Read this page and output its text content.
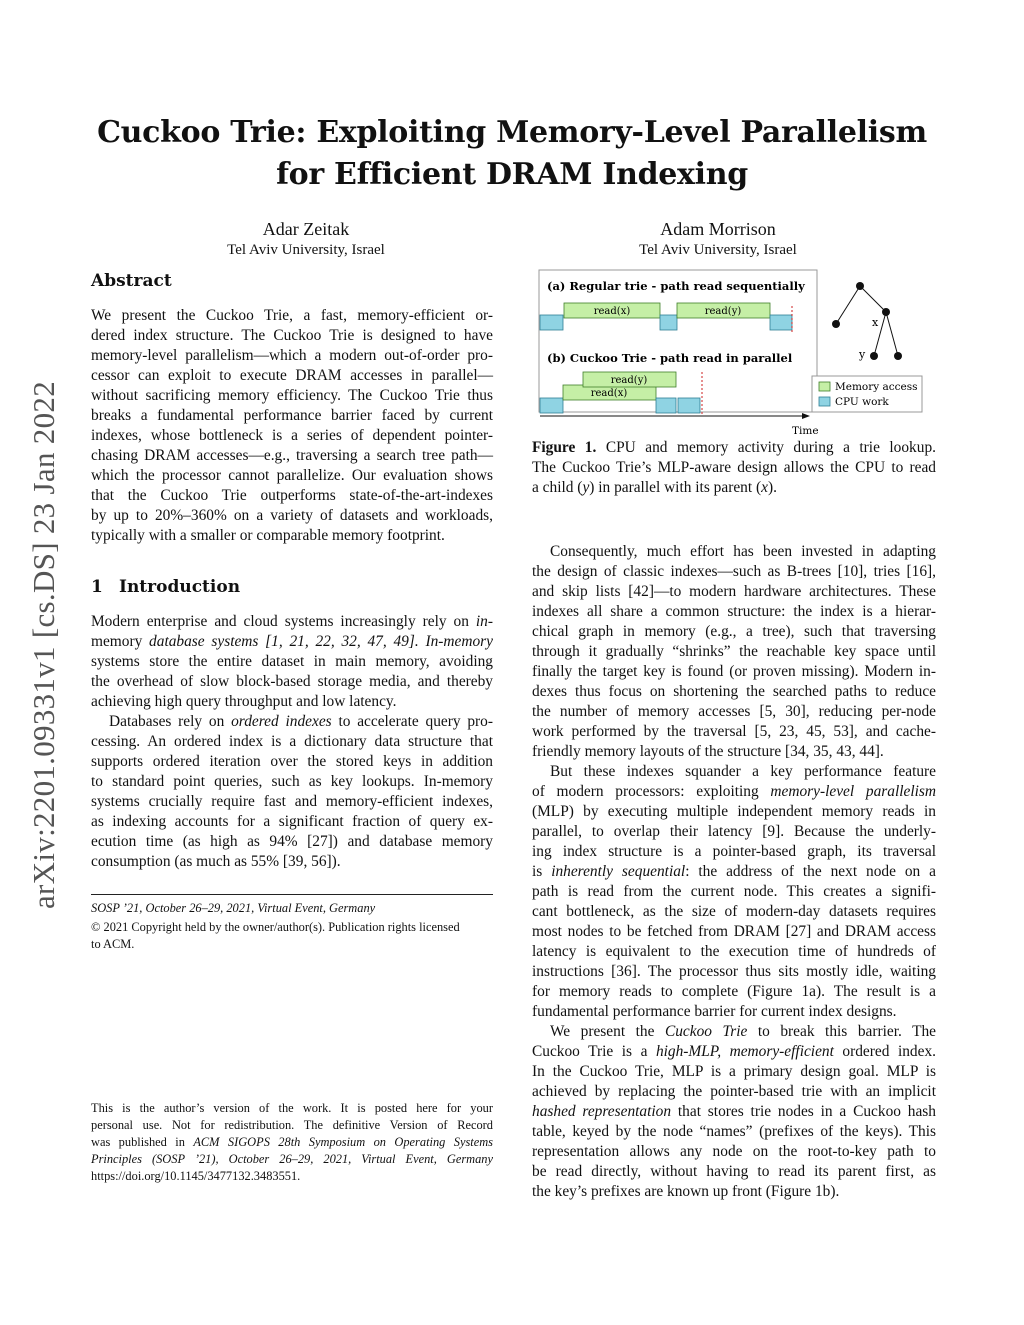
Cuckoo Trie: Exploiting Memory-Level Parallelism
for Efficient DRAM Indexing
Adar Zeitak
Tel Aviv University, Israel
Adam Morrison
Tel Aviv University, Israel
arXiv:2201.09331v1 [cs.DS] 23 Jan 2022
Abstract
We present the Cuckoo Trie, a fast, memory-efficient or-
dered index structure. The Cuckoo Trie is designed to have
memory-level parallelism—which a modern out-of-order pro-
cessor can exploit to execute DRAM accesses in parallel—
without sacrificing memory efficiency. The Cuckoo Trie thus
breaks a fundamental performance barrier faced by current
indexes, whose bottleneck is a series of dependent pointer-
chasing DRAM accesses—e.g., traversing a search tree path—
which the processor cannot parallelize. Our evaluation shows
that the Cuckoo Trie outperforms state-of-the-art-indexes
by up to 20%–360% on a variety of datasets and workloads,
typically with a smaller or comparable memory footprint.
1 Introduction
Modern enterprise and cloud systems increasingly rely on in-
memory database systems [1, 21, 22, 32, 47, 49]. In-memory
systems store the entire dataset in main memory, avoiding
the overhead of slow block-based storage media, and thereby
achieving high query throughput and low latency.
Databases rely on ordered indexes to accelerate query pro-
cessing. An ordered index is a dictionary data structure that
supports ordered iteration over the stored keys in addition
to standard point queries, such as key lookups. In-memory
systems crucially require fast and memory-efficient indexes,
as indexing accounts for a significant fraction of query ex-
ecution time (as high as 94% [27]) and database memory
consumption (as much as 55% [39, 56]).

SOSP ’21, October 26–29, 2021, Virtual Event, Germany

© 2021 Copyright held by the owner/author(s). Publication rights licensed

to ACM.

This is the author’s version of the work. It is posted here for your
personal use. Not for redistribution. The definitive Version of Record
was published in ACM SIGOPS 28th Symposium on Operating Systems
Principles (SOSP ’21), October 26–29, 2021, Virtual Event, Germany
https://doi.org/10.1145/3477132.3483551.
(a) Regular trie - path read sequentially
(b) Cuckoo Trie - path read in parallel
read(x)	read(y)
read(x)
read(y)
Time
x
y
Memory access
CPU work
Figure 1. CPU and memory activity during a trie lookup.
The Cuckoo Trie’s MLP-aware design allows the CPU to read
a child (y) in parallel with its parent (x).
Consequently, much effort has been invested in adapting
the design of classic indexes—such as B-trees [10], tries [16],
and skip lists [42]—to modern hardware architectures. These
indexes all share a common structure: the index is a hierar-
chical graph in memory (e.g., a tree), such that traversing
through it gradually “shrinks” the reachable key space until
finally the target key is found (or proven missing). Modern in-
dexes thus focus on shortening the searched paths to reduce
the number of memory accesses [5, 30], reducing per-node
work performed by the traversal [5, 23, 45, 53], and cache-
friendly memory layouts of the structure [34, 35, 43, 44].
But these indexes squander a key performance feature
of modern processors: exploiting memory-level parallelism
(MLP) by executing multiple independent memory reads in
parallel, to overlap their latency [9]. Because the underly-
ing index structure is a pointer-based graph, its traversal
is inherently sequential: the address of the next node on a
path is read from the current node. This creates a signifi-
cant bottleneck, as the size of modern-day datasets requires
most nodes to be fetched from DRAM [27] and DRAM access
latency is equivalent to the execution time of hundreds of
instructions [36]. The processor thus sits mostly idle, waiting
for memory reads to complete (Figure 1a). The result is a
fundamental performance barrier for current index designs.
We present the Cuckoo Trie to break this barrier. The
Cuckoo Trie is a high-MLP, memory-efficient ordered index.
In the Cuckoo Trie, MLP is a primary design goal. MLP is
achieved by replacing the pointer-based trie with an implicit
hashed representation that stores trie nodes in a Cuckoo hash
table, keyed by the node “names” (prefixes of the keys). This
representation allows any node on the root-to-key path to
be read directly, without having to read its parent first, as
the key’s prefixes are known up front (Figure 1b).
